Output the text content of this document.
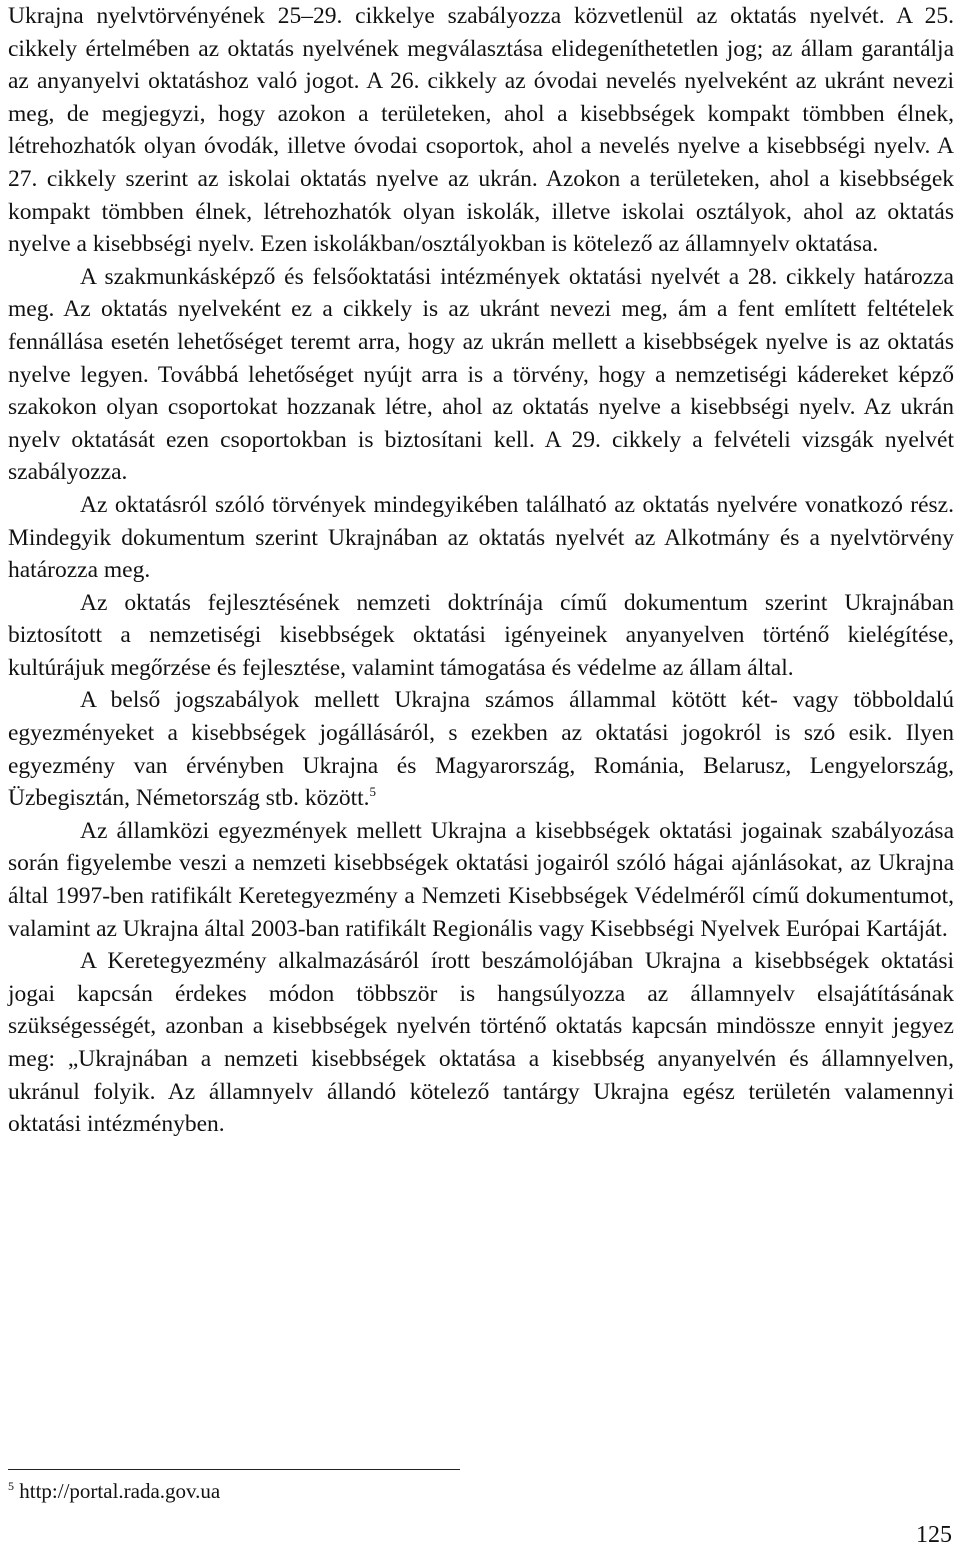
Ukrajna nyelvtörvényének 25–29. cikkelye szabályozza közvetlenül az oktatás nyelvét. A 25. cikkely értelmében az oktatás nyelvének megválasztása elidegeníthetetlen jog; az állam garantálja az anyanyelvi oktatáshoz való jogot. A 26. cikkely az óvodai nevelés nyelveként az ukránt nevezi meg, de megjegyzi, hogy azokon a területeken, ahol a kisebbségek kompakt tömbben élnek, létrehozhatók olyan óvodák, illetve óvodai csoportok, ahol a nevelés nyelve a kisebbségi nyelv. A 27. cikkely szerint az iskolai oktatás nyelve az ukrán. Azokon a területeken, ahol a kisebbségek kompakt tömbben élnek, létrehozhatók olyan iskolák, illetve iskolai osztályok, ahol az oktatás nyelve a kisebbségi nyelv. Ezen iskolákban/osztályokban is kötelező az államnyelv oktatása.

A szakmunkásképző és felsőoktatási intézmények oktatási nyelvét a 28. cikkely határozza meg. Az oktatás nyelveként ez a cikkely is az ukránt nevezi meg, ám a fent említett feltételek fennállása esetén lehetőséget teremt arra, hogy az ukrán mellett a kisebbségek nyelve is az oktatás nyelve legyen. Továbbá lehetőséget nyújt arra is a törvény, hogy a nemzetiségi kádereket képző szakokon olyan csoportokat hozzanak létre, ahol az oktatás nyelve a kisebbségi nyelv. Az ukrán nyelv oktatását ezen csoportokban is biztosítani kell. A 29. cikkely a felvételi vizsgák nyelvét szabályozza.

Az oktatásról szóló törvények mindegyikében található az oktatás nyelvére vonatkozó rész. Mindegyik dokumentum szerint Ukrajnában az oktatás nyelvét az Alkotmány és a nyelvtörvény határozza meg.

Az oktatás fejlesztésének nemzeti doktrínája című dokumentum szerint Ukrajnában biztosított a nemzetiségi kisebbségek oktatási igényeinek anyanyelven történő kielégítése, kultúrájuk megőrzése és fejlesztése, valamint támogatása és védelme az állam által.

A belső jogszabályok mellett Ukrajna számos állammal kötött két- vagy többoldalú egyezményeket a kisebbségek jogállásáról, s ezekben az oktatási jogokról is szó esik. Ilyen egyezmény van érvényben Ukrajna és Magyarország, Románia, Belarusz, Lengyelország, Üzbegisztán, Németország stb. között.$^5$

Az államközi egyezmények mellett Ukrajna a kisebbségek oktatási jogainak szabályozása során figyelembe veszi a nemzeti kisebbségek oktatási jogairól szóló hágai ajánlásokat, az Ukrajna által 1997-ben ratifikált Keretegyezmény a Nemzeti Kisebbségek Védelméről című dokumentumot, valamint az Ukrajna által 2003-ban ratifikált Regionális vagy Kisebbségi Nyelvek Európai Kartáját.

A Keretegyezmény alkalmazásáról írott beszámolójában Ukrajna a kisebbségek oktatási jogai kapcsán érdekes módon többször is hangsúlyozza az államnyelv elsajátításának szükségességét, azonban a kisebbségek nyelvén történő oktatás kapcsán mindössze ennyit jegyez meg: „Ukrajnában a nemzeti kisebbségek oktatása a kisebbség anyanyelvén és államnyelven, ukránul folyik. Az államnyelv állandó kötelező tantárgy Ukrajna egész területén valamennyi oktatási intézményben.

$^5$ http://portal.rada.gov.ua
125
